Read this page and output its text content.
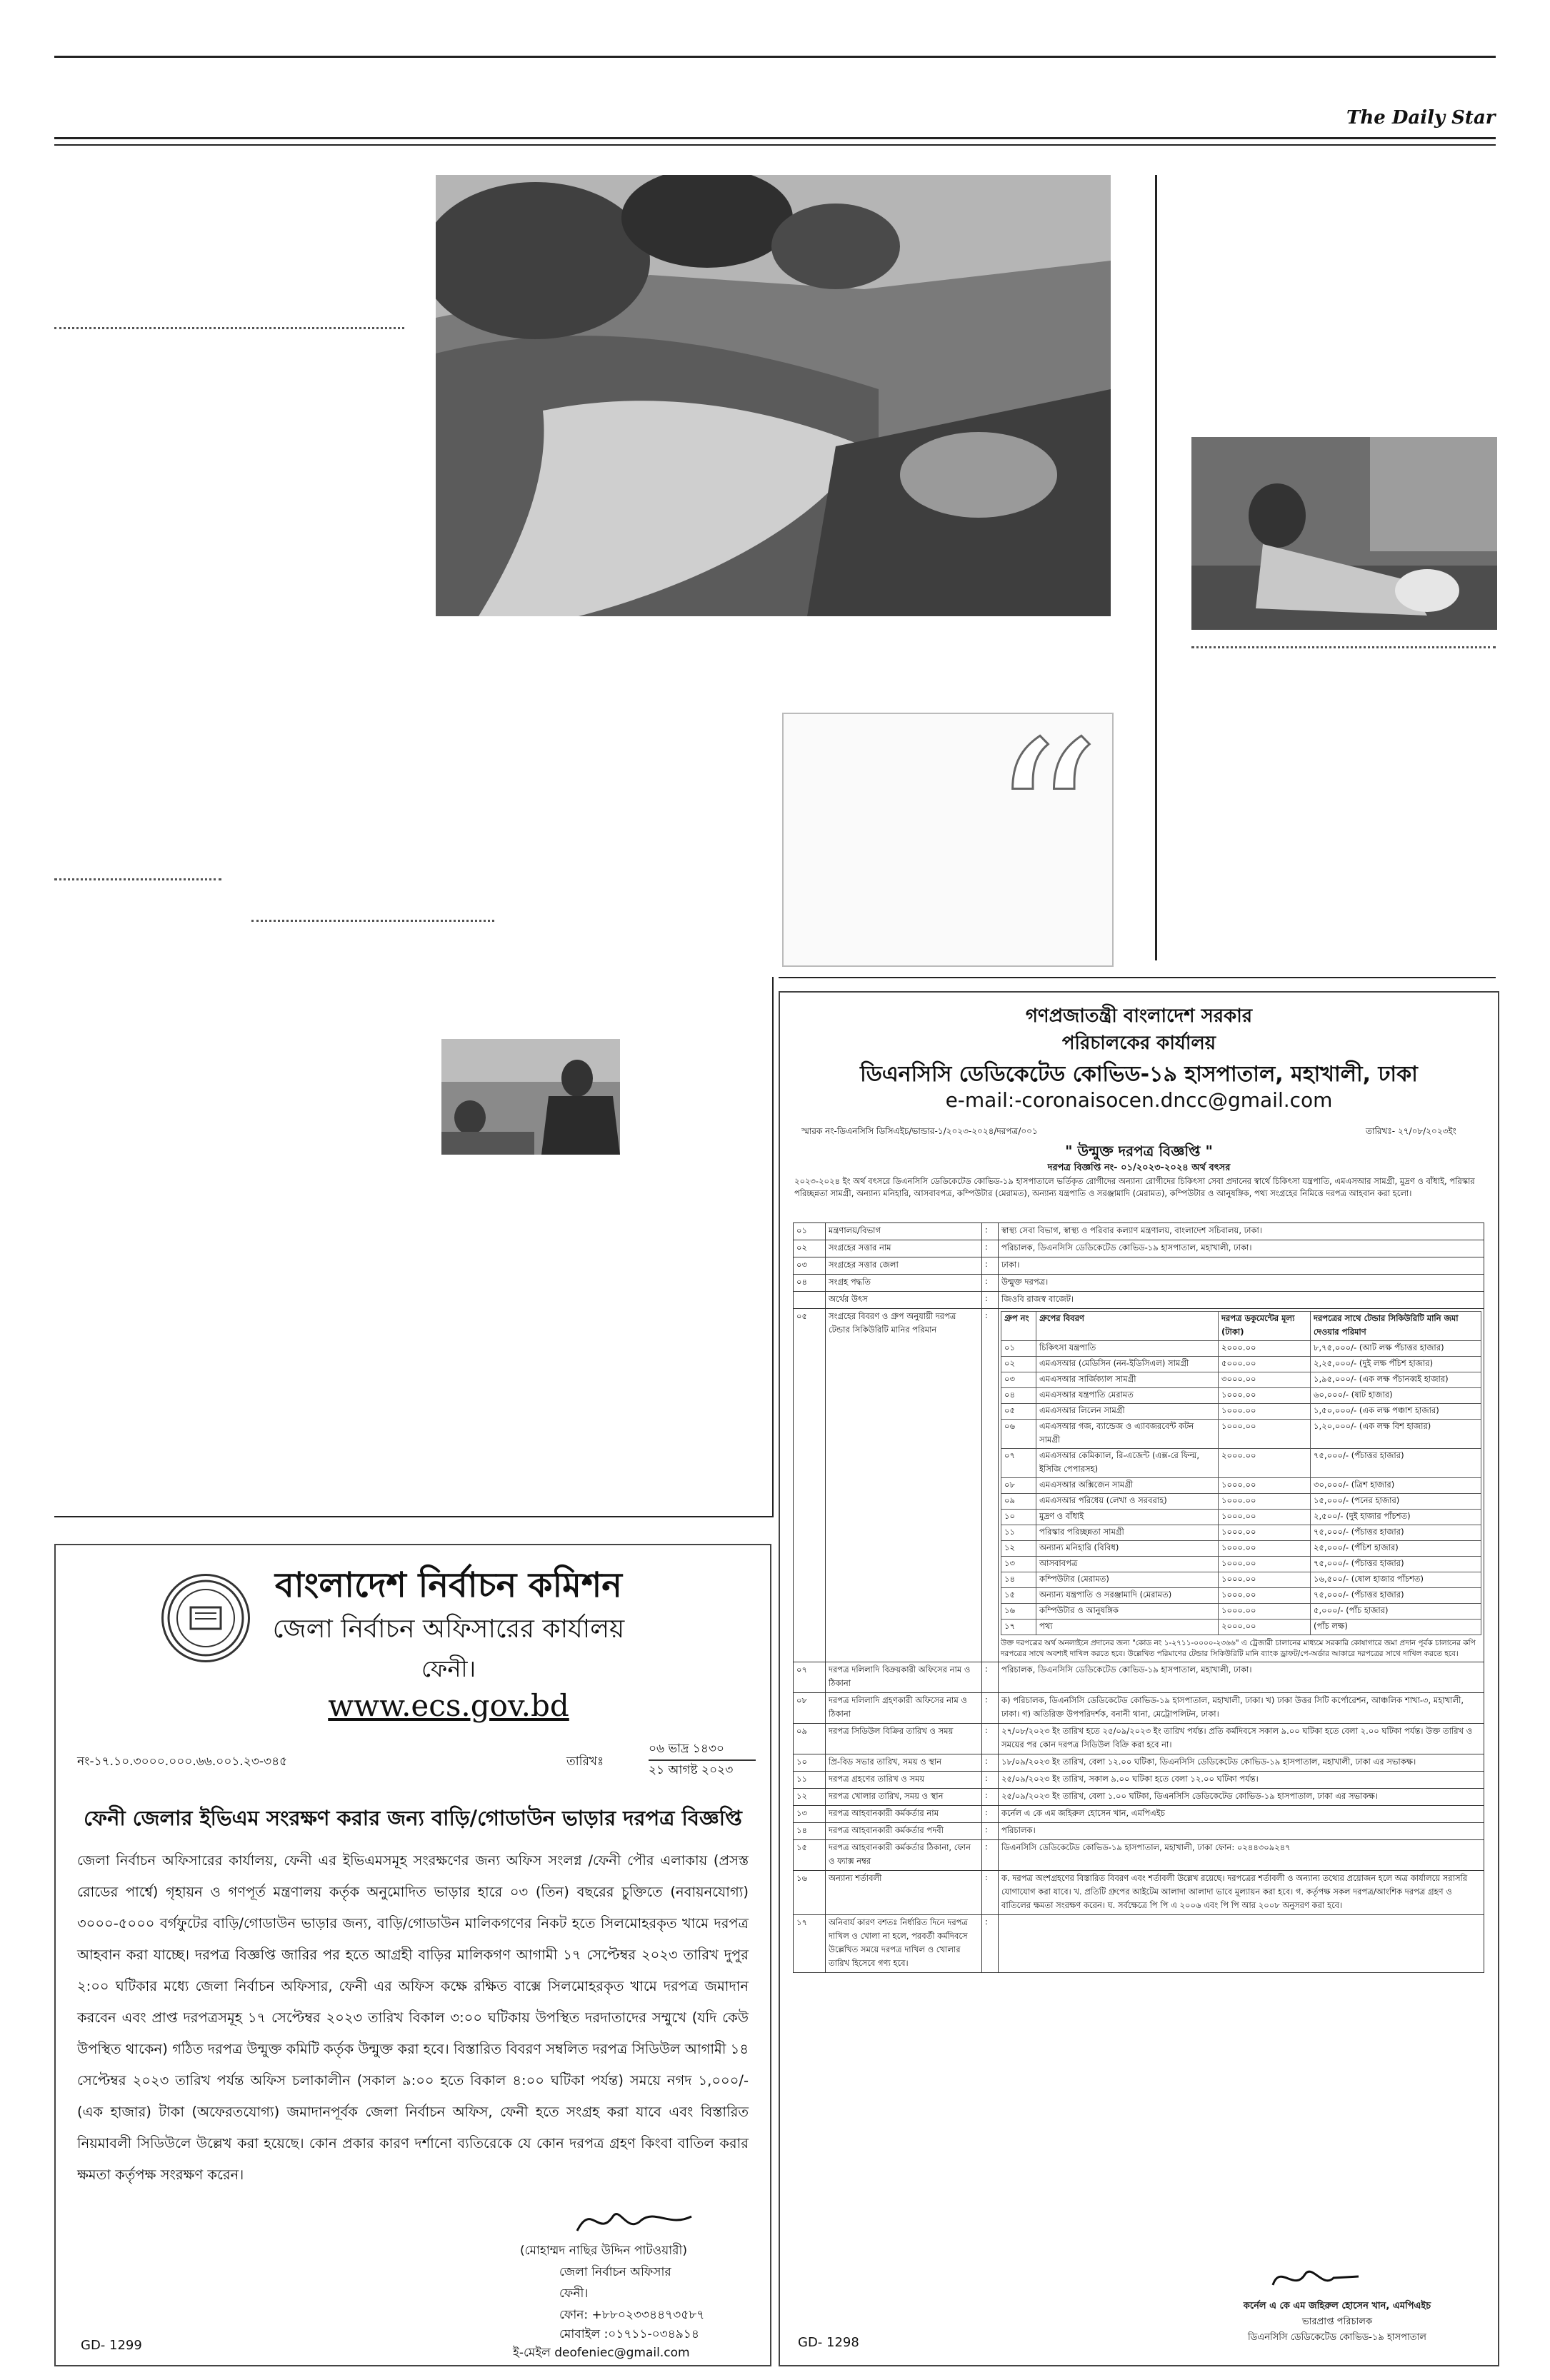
The Daily Star
“
বাংলাদেশ নির্বাচন কমিশন
জেলা নির্বাচন অফিসারের কার্যালয়
ফেনী।
www.ecs.gov.bd
নং-১৭.১০.৩০০০.০০০.৬৬.০০১.২৩-৩৪৫	তারিখঃ
০৬ ভাদ্র ১৪৩০
২১ আগষ্ট ২০২৩
ফেনী জেলার ইভিএম সংরক্ষণ করার জন্য বাড়ি/গোডাউন ভাড়ার দরপত্র বিজ্ঞপ্তি
জেলা নির্বাচন অফিসারের কার্যালয়, ফেনী এর ইভিএমসমূহ সংরক্ষণের জন্য অফিস সংলগ্ন /ফেনী পৌর এলাকায় (প্রসস্ত রোডের পার্শ্বে) গৃহায়ন ও গণপূর্ত মন্ত্রণালয় কর্তৃক অনুমোদিত ভাড়ার হারে ০৩ (তিন) বছরের চুক্তিতে (নবায়নযোগ্য) ৩০০০-৫০০০ বর্গফুটের বাড়ি/গোডাউন ভাড়ার জন্য, বাড়ি/গোডাউন মালিকগণের নিকট হতে সিলমোহরকৃত খামে দরপত্র আহবান করা যাচ্ছে। দরপত্র বিজ্ঞপ্তি জারির পর হতে আগ্রহী বাড়ির মালিকগণ আগামী ১৭ সেপ্টেম্বর ২০২৩ তারিখ দুপুর ২:০০ ঘটিকার মধ্যে জেলা নির্বাচন অফিসার, ফেনী এর অফিস কক্ষে রক্ষিত বাক্সে সিলমোহরকৃত খামে দরপত্র জমাদান করবেন এবং প্রাপ্ত দরপত্রসমূহ ১৭ সেপ্টেম্বর ২০২৩ তারিখ বিকাল ৩:০০ ঘটিকায় উপস্থিত দরদাতাদের সম্মুখে (যদি কেউ উপস্থিত থাকেন) গঠিত দরপত্র উন্মুক্ত কমিটি কর্তৃক উন্মুক্ত করা হবে। বিস্তারিত বিবরণ সম্বলিত দরপত্র সিডিউল আগামী ১৪ সেপ্টেম্বর ২০২৩ তারিখ পর্যন্ত অফিস চলাকালীন (সকাল ৯:০০ হতে বিকাল ৪:০০ ঘটিকা পর্যন্ত) সময়ে নগদ ১,০০০/- (এক হাজার) টাকা (অফেরতযোগ্য) জমাদানপূর্বক জেলা নির্বাচন অফিস, ফেনী হতে সংগ্রহ করা যাবে এবং বিস্তারিত নিয়মাবলী সিডিউলে উল্লেখ করা হয়েছে। কোন প্রকার কারণ দর্শানো ব্যতিরেকে যে কোন দরপত্র গ্রহণ কিংবা বাতিল করার ক্ষমতা কর্তৃপক্ষ সংরক্ষণ করেন।
(মোহাম্মদ নাছির উদ্দিন পাটওয়ারী)
জেলা নির্বাচন অফিসার
ফেনী।
ফোন: +৮৮০২৩৩৪৪৭৩৫৮৭
মোবাইল :০১৭১১-০৩৪৯১৪
ই-মেইল deofeniec@gmail.com
GD- 1299
গণপ্রজাতন্ত্রী বাংলাদেশ সরকার
পরিচালকের কার্যালয়
ডিএনসিসি ডেডিকেটেড কোভিড-১৯ হাসপাতাল, মহাখালী, ঢাকা
e-mail:-coronaisocen.dncc@gmail.com
স্মারক নং-ডিএনসিসি ডিসিএইচ/ভান্ডার-১/২০২৩-২০২৪/দরপত্র/০০১	তারিখঃ- ২৭/০৮/২০২৩ইং
" উন্মুক্ত দরপত্র বিজ্ঞপ্তি "
দরপত্র বিজ্ঞপ্তি নং- ০১/২০২৩-২০২৪ অর্থ বৎসর
২০২৩-২০২৪ ইং অর্থ বৎসরে ডিএনসিসি ডেডিকেটেড কোভিড-১৯ হাসপাতালে ভর্তিকৃত রোগীদের অন্যান্য রোগীদের চিকিৎসা সেবা প্রদানের স্বার্থে চিকিৎসা যন্ত্রপাতি, এমএসআর সামগ্রী, মুদ্রণ ও বাঁধাই, পরিস্কার পরিচ্ছন্নতা সামগ্রী, অন্যান্য মনিহারি, আসবাবপত্র, কম্পিউটার (মেরামত), অন্যান্য যন্ত্রপাতি ও সরঞ্জামাদি (মেরামত), কম্পিউটার ও আনুষঙ্গিক, পথ্য সংগ্রহের নিমিত্তে দরপত্র আহবান করা হলো।
০১	মন্ত্রণালয়/বিভাগ	:	স্বাস্থ্য সেবা বিভাগ, স্বাস্থ্য ও পরিবার কল্যাণ মন্ত্রণালয়, বাংলাদেশ সচিবালয়, ঢাকা।
০২	সংগ্রহের সত্তার নাম	:	পরিচালক, ডিএনসিসি ডেডিকেটেড কোভিড-১৯ হাসপাতাল, মহাখালী, ঢাকা।
০৩	সংগ্রহের সত্তার জেলা	:	ঢাকা।
০৪	সংগ্রহ পদ্ধতি	:	উন্মুক্ত দরপত্র।
	অর্থের উৎস	:	জিওবি রাজস্ব বাজেট।
০৫	সংগ্রহের বিবরণ ও গ্রুপ অনুযায়ী দরপত্র টেন্ডার সিকিউরিটি মানির পরিমান	:	গ্রুপ নং	গ্রুপের বিবরণ	দরপত্র ডকুমেন্টের মূল্য (টাকা)	দরপত্রের সাথে টেন্ডার সিকিউরিটি মানি জমা দেওয়ার পরিমাণ
০১	চিকিৎসা যন্ত্রপাতি	২০০০.০০	৮,৭৫,০০০/- (আট লক্ষ পঁচাত্তর হাজার)
০২	এমএসআর (মেডিসিন (নন-ইডিসিএল) সামগ্রী	৫০০০.০০	২,২৫,০০০/- (দুই লক্ষ পঁচিশ হাজার)
০৩	এমএসআর সার্জিক্যাল সামগ্রী	৩০০০.০০	১,৯৫,০০০/- (এক লক্ষ পঁচানব্বই হাজার)
০৪	এমএসআর যন্ত্রপাতি মেরামত	১০০০.০০	৬০,০০০/- (ষাট হাজার)
০৫	এমএসআর লিলেন সামগ্রী	১০০০.০০	১,৫০,০০০/- (এক লক্ষ পঞ্চাশ হাজার)
০৬	এমএসআর গজ, ব্যান্ডেজ ও এ্যাবজরবেন্ট কটন সামগ্রী	১০০০.০০	১,২০,০০০/- (এক লক্ষ বিশ হাজার)
০৭	এমএসআর কেমিক্যাল, রি-এজেন্ট (এক্স-রে ফিল্ম, ইসিজি পেপারসহ)	২০০০.০০	৭৫,০০০/- (পঁচাত্তর হাজার)
০৮	এমএসআর অক্সিজেন সামগ্রী	১০০০.০০	৩০,০০০/- (ত্রিশ হাজার)
০৯	এমএসআর পরিধেয় (লেখা ও সরবরাহ)	১০০০.০০	১৫,০০০/- (পনের হাজার)
১০	মুদ্রণ ও বাঁধাই	১০০০.০০	২,৫০০/- (দুই হাজার পাঁচশত)
১১	পরিস্কার পরিচ্ছন্নতা সামগ্রী	১০০০.০০	৭৫,০০০/- (পঁচাত্তর হাজার)
১২	অন্যান্য মনিহারি (বিবিধ)	১০০০.০০	২৫,০০০/- (পঁচিশ হাজার)
১৩	আসবাবপত্র	১০০০.০০	৭৫,০০০/- (পঁচাত্তর হাজার)
১৪	কম্পিউটার (মেরামত)	১০০০.০০	১৬,৫০০/- (ষোল হাজার পাঁচশত)
১৫	অন্যান্য যন্ত্রপাতি ও সরঞ্জামাদি (মেরামত)	১০০০.০০	৭৫,০০০/- (পঁচাত্তর হাজার)
১৬	কম্পিউটার ও আনুষঙ্গিক	১০০০.০০	৫,০০০/- (পাঁচ হাজার)
১৭	পথ্য	২০০০.০০	(পাঁচ লক্ষ)
উক্ত দরপত্রের অর্থ অনলাইনে প্রদানের জন্য "কোড নং ১-২৭১১-০০০০-২৩৬৬" এ ট্রেজারী চালানের মাধ্যমে সরকারি কোষাগারে জমা প্রদান পূর্বক চালানের কপি দরপত্রের সাথে অবশ্যই দাখিল করতে হবে। উল্লেখিত পরিমাণের টেন্ডার সিকিউরিটি মানি ব্যাংক ড্রাফট/পে-অর্ডার আকারে দরপত্রের সাথে দাখিল করতে হবে।

০৭	দরপত্র দলিলাদি বিক্রয়কারী অফিসের নাম ও ঠিকানা	:	পরিচালক, ডিএনসিসি ডেডিকেটেড কোভিড-১৯ হাসপাতাল, মহাখালী, ঢাকা।
০৮	দরপত্র দলিলাদি গ্রহণকারী অফিসের নাম ও ঠিকানা	:	ক) পরিচালক, ডিএনসিসি ডেডিকেটেড কোভিড-১৯ হাসপাতাল, মহাখালী, ঢাকা। খ) ঢাকা উত্তর সিটি কর্পোরেশন, আঞ্চলিক শাখা-৩, মহাখালী, ঢাকা। গ) অতিরিক্ত উপপরিদর্শক, বনানী থানা, মেট্রোপলিটন, ঢাকা।
০৯	দরপত্র সিডিউল বিক্রির তারিখ ও সময়	:	২৭/০৮/২০২৩ ইং তারিখ হতে ২৫/০৯/২০২৩ ইং তারিখ পর্যন্ত। প্রতি কর্মদিবসে সকাল ৯.০০ ঘটিকা হতে বেলা ২.০০ ঘটিকা পর্যন্ত। উক্ত তারিখ ও সময়ের পর কোন দরপত্র সিডিউল বিক্রি করা হবে না।
১০	প্রি-বিড সভার তারিখ, সময় ও স্থান	:	১৮/০৯/২০২৩ ইং তারিখ, বেলা ১২.০০ ঘটিকা, ডিএনসিসি ডেডিকেটেড কোভিড-১৯ হাসপাতাল, মহাখালী, ঢাকা এর সভাকক্ষ।
১১	দরপত্র গ্রহণের তারিখ ও সময়	:	২৫/০৯/২০২৩ ইং তারিখ, সকাল ৯.০০ ঘটিকা হতে বেলা ১২.০০ ঘটিকা পর্যন্ত।
১২	দরপত্র খোলার তারিখ, সময় ও স্থান	:	২৫/০৯/২০২৩ ইং তারিখ, বেলা ১.০০ ঘটিকা, ডিএনসিসি ডেডিকেটেড কোভিড-১৯ হাসপাতাল, ঢাকা এর সভাকক্ষ।
১৩	দরপত্র আহবানকারী কর্মকর্তার নাম	:	কর্নেল এ কে এম জহিরুল হোসেন খান, এমপিএইচ
১৪	দরপত্র আহবানকারী কর্মকর্তার পদবী	:	পরিচালক।
১৫	দরপত্র আহবানকারী কর্মকর্তার ঠিকানা, ফোন ও ফ্যাক্স নম্বর	:	ডিএনসিসি ডেডিকেটেড কোভিড-১৯ হাসপাতাল, মহাখালী, ঢাকা ফোন: ০২৪৪৩০৯২৪৭
১৬	অন্যান্য শর্তাবলী	:	ক. দরপত্র অংশগ্রহণের বিস্তারিত বিবরণ এবং শর্তাবলী উল্লেখ রয়েছে। দরপত্রের শর্তাবলী ও অন্যান্য তথ্যের প্রয়োজন হলে অত্র কার্যালয়ে সরাসরি যোগাযোগ করা যাবে। খ. প্রতিটি গ্রুপের আইটেম আলাদা আলাদা ভাবে মূল্যায়ন করা হবে। গ. কর্তৃপক্ষ সকল দরপত্র/আংশিক দরপত্র গ্রহণ ও বাতিলের ক্ষমতা সংরক্ষণ করেন। ঘ. সর্বক্ষেত্রে পি পি এ ২০০৬ এবং পি পি আর ২০০৮ অনুসরণ করা হবে।
১৭	অনিবার্য কারণ বশতঃ নির্ধারিত দিনে দরপত্র দাখিল ও খোলা না হলে, পরবর্তী কর্মদিবসে উল্লেখিত সময়ে দরপত্র দাখিল ও খোলার তারিখ হিসেবে গণ্য হবে।	:	
কর্নেল এ কে এম জহিরুল হোসেন খান, এমপিএইচ
ভারপ্রাপ্ত পরিচালক
ডিএনসিসি ডেডিকেটেড কোভিড-১৯ হাসপাতাল
GD- 1298
